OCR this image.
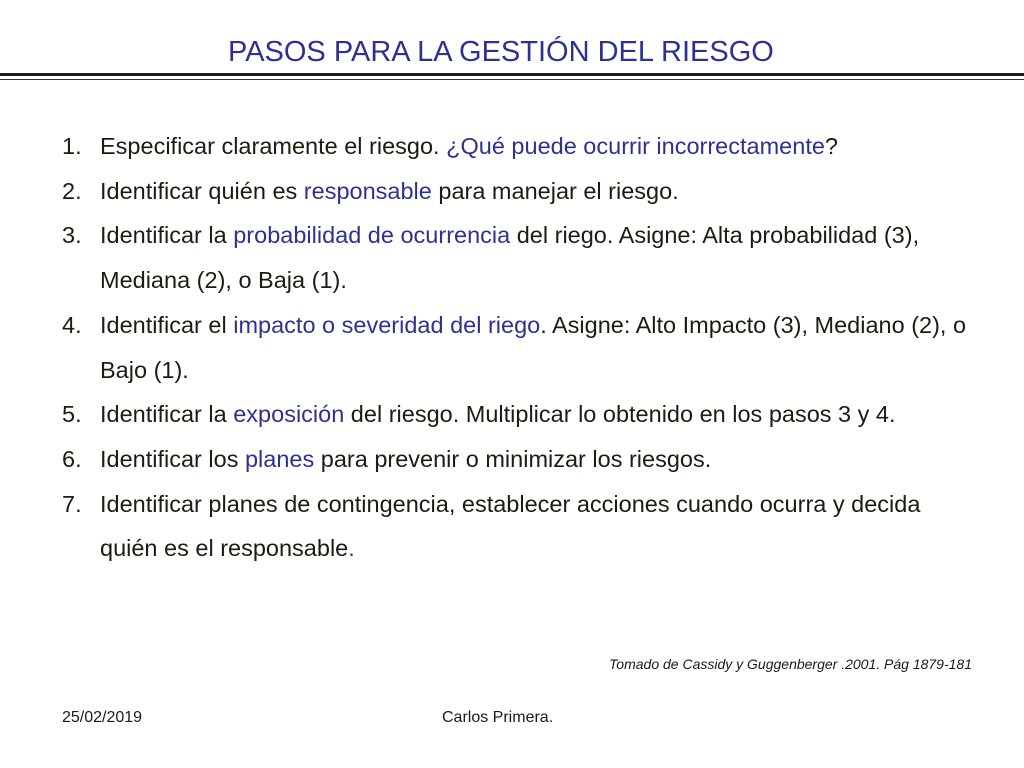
PASOS PARA LA GESTIÓN DEL RIESGO
1. Especificar claramente el riesgo. ¿Qué puede ocurrir incorrectamente?
2. Identificar quién es responsable para manejar el riesgo.
3. Identificar la probabilidad de ocurrencia del riego. Asigne: Alta probabilidad (3), Mediana (2), o Baja (1).
4. Identificar el impacto o severidad del riego. Asigne: Alto Impacto (3), Mediano (2), o Bajo (1).
5. Identificar la exposición del riesgo. Multiplicar lo obtenido en los pasos 3 y 4.
6. Identificar los planes para prevenir o minimizar los riesgos.
7. Identificar planes de contingencia, establecer acciones cuando ocurra y decida quién es el responsable.
Tomado de Cassidy y Guggenberger .2001. Pág 1879-181
25/02/2019	Carlos Primera.
